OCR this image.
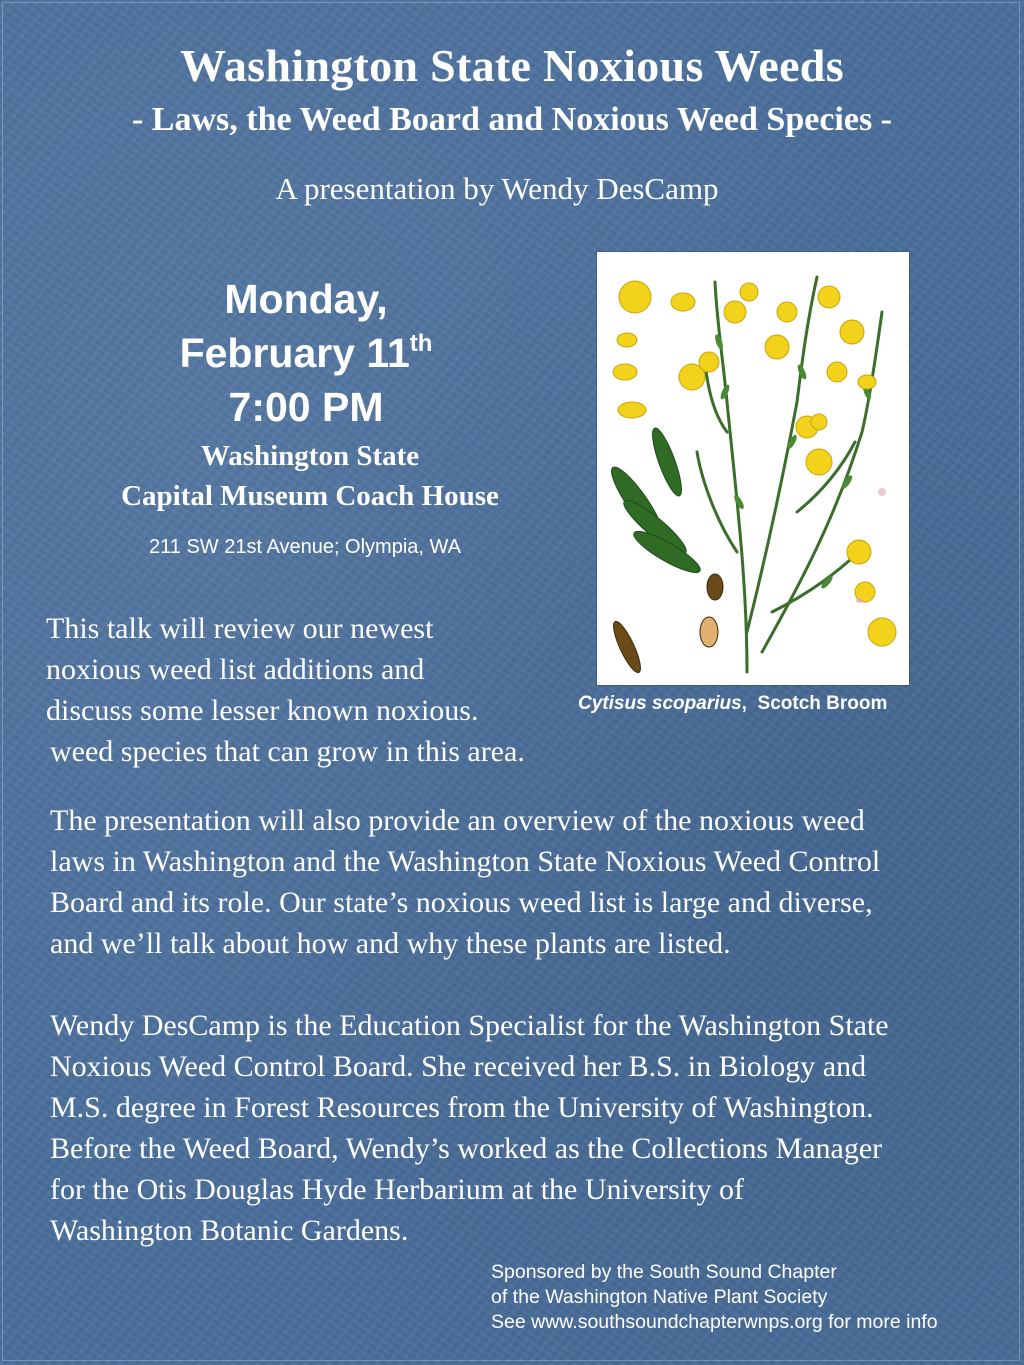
Washington State Noxious Weeds
- Laws, the Weed Board and Noxious Weed Species -
A presentation by Wendy DesCamp
Monday,
February 11th
7:00 PM
Washington State
Capital Museum Coach House
211 SW 21st Avenue; Olympia, WA
This talk will review our newest
noxious weed list additions and
discuss some lesser known noxious.
weed species that can grow in this area.
Cytisus scoparius, Scotch Broom
The presentation will also provide an overview of the noxious weed
laws in Washington and the Washington State Noxious Weed Control
Board and its role. Our state’s noxious weed list is large and diverse,
and we’ll talk about how and why these plants are listed.
Wendy DesCamp is the Education Specialist for the Washington State
Noxious Weed Control Board. She received her B.S. in Biology and
M.S. degree in Forest Resources from the University of Washington.
Before the Weed Board, Wendy’s worked as the Collections Manager
for the Otis Douglas Hyde Herbarium at the University of
Washington Botanic Gardens.
Sponsored by the South Sound Chapter
of the Washington Native Plant Society
See www.southsoundchapterwnps.org for more info
